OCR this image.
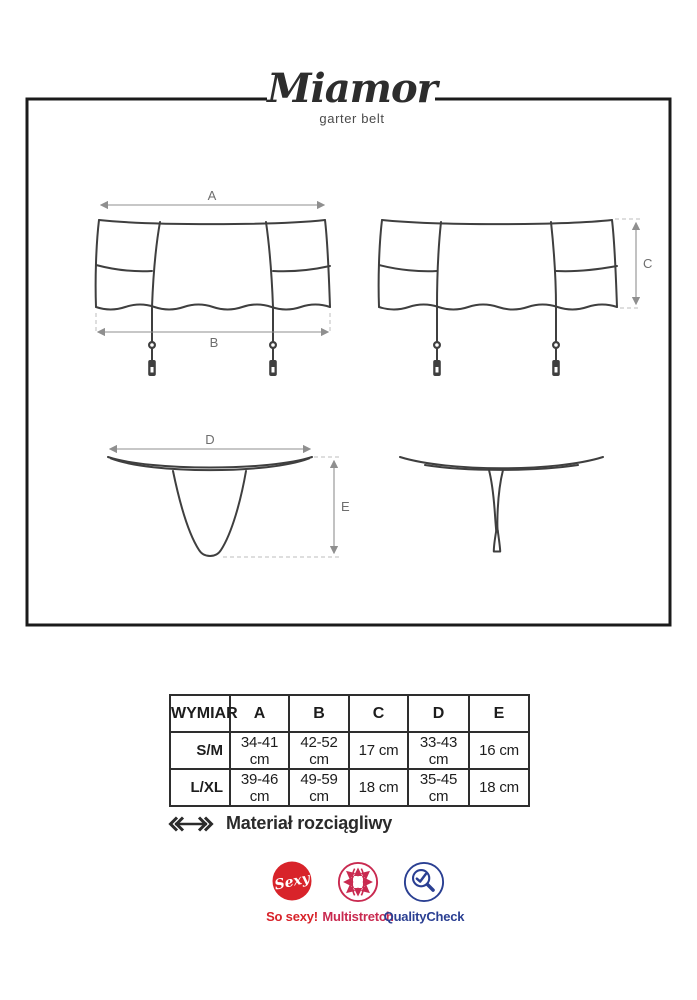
A
B
C
D
E
Miamor
garter belt
WYMIAR	A	B	C	D	E
S/M	34-41 cm	42-52 cm	17 cm	33-43 cm	16 cm
L/XL	39-46 cm	49-59 cm	18 cm	35-45 cm	18 cm
Materiał rozciągliwy
Sexy
So sexy! Multistretch
QualityCheck
